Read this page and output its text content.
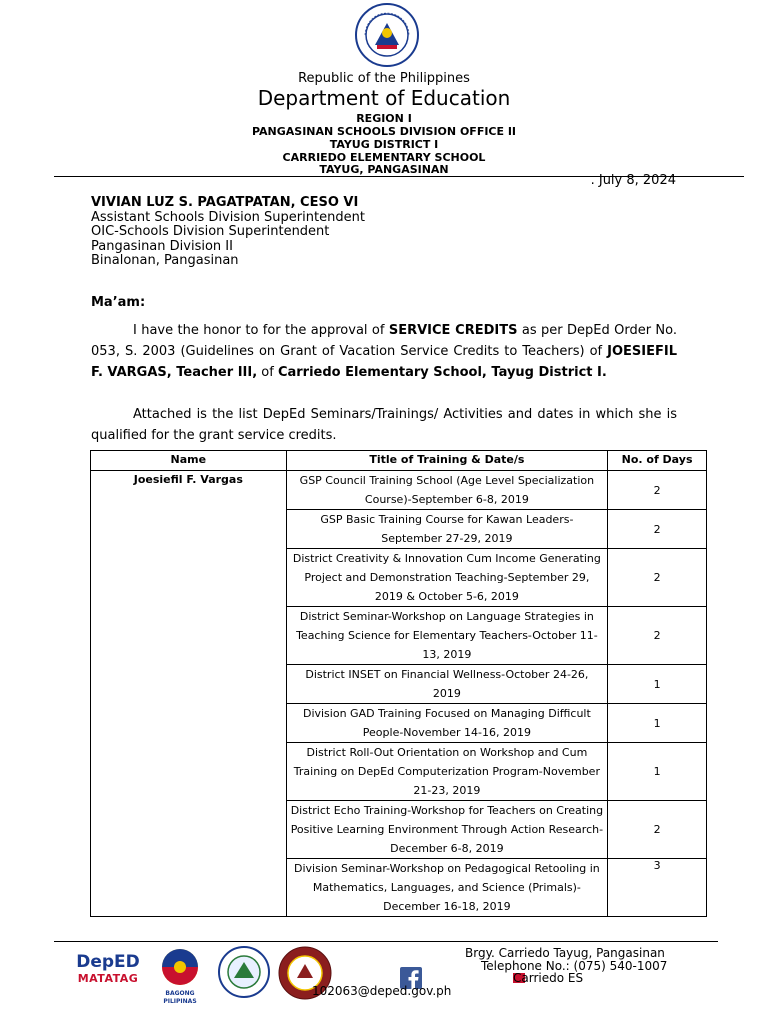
Republic of the Philippines
Department of Education
REGION I
PANGASINAN SCHOOLS DIVISION OFFICE II
TAYUG DISTRICT I
CARRIEDO ELEMENTARY SCHOOL
TAYUG, PANGASINAN
. July 8, 2024
VIVIAN LUZ S. PAGATPATAN, CESO VI
Assistant Schools Division Superintendent
OIC-Schools Division Superintendent
Pangasinan Division II
Binalonan, Pangasinan
Ma’am:
I have the honor to for the approval of SERVICE CREDITS as per DepEd Order No. 053, S. 2003 (Guidelines on Grant of Vacation Service Credits to Teachers) of JOESIEFIL F. VARGAS, Teacher III, of Carriedo Elementary School, Tayug District I.
Attached is the list DepEd Seminars/Trainings/ Activities and dates in which she is qualified for the grant service credits.
Name	Title of Training & Date/s	No. of Days
Joesiefil F. Vargas	GSP Council Training School (Age Level Specialization Course)-September 6-8, 2019	2
	GSP Basic Training Course for Kawan Leaders-September 27-29, 2019	2
	District Creativity & Innovation Cum Income Generating Project and Demonstration Teaching-September 29, 2019 & October 5-6, 2019	2
	District Seminar-Workshop on Language Strategies in Teaching Science for Elementary Teachers-October 11-13, 2019	2
	District INSET on Financial Wellness-October 24-26, 2019	1
	Division GAD Training Focused on Managing Difficult People-November 14-16, 2019	1
	District Roll-Out Orientation on Workshop and Cum Training on DepEd Computerization Program-November 21-23, 2019	1
	District Echo Training-Workshop for Teachers on Creating Positive Learning Environment Through Action Research-December 6-8, 2019	2
	Division Seminar-Workshop on Pedagogical Retooling in Mathematics, Languages, and Science (Primals)-December 16-18, 2019	3
DepED
MATATAG
BAGONG PILIPINAS
Brgy. Carriedo Tayug, Pangasinan
Telephone No.: (075) 540-1007
Carriedo ES
102063@deped.gov.ph
